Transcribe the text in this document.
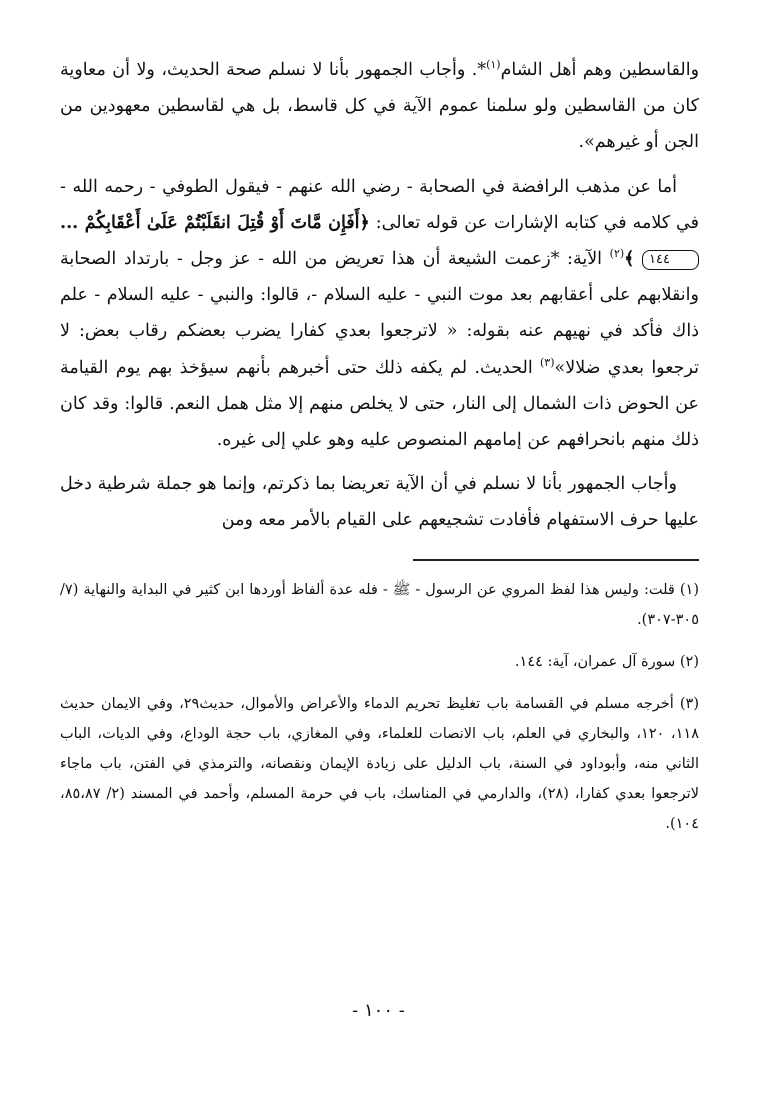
والقاسطين وهم أهل الشام$^{(١)}$*. وأجاب الجمهور بأنا لا نسلم صحة الحديث، ولا أن معاوية كان من القاسطين ولو سلمنا عموم الآية في كل قاسط، بل هي لقاسطين معهودين من الجن أو غيرهم».

أما عن مذهب الرافضة في الصحابة - رضي الله عنهم - فيقول الطوفي - رحمه الله - في كلامه في كتابه الإشارات عن قوله تعالى: ﴿أَفَإِن مَّاتَ أَوْ قُتِلَ انقَلَبْتُمْ عَلَىٰ أَعْقَابِكُمْ ... ١٤٤ ﴾$^{(٢)}$ الآية: *زعمت الشيعة أن هذا تعريض من الله - عز وجل - بارتداد الصحابة وانقلابهم على أعقابهم بعد موت النبي - عليه السلام -، قالوا: والنبي - عليه السلام - علم ذاك فأكد في نهيهم عنه بقوله: « لاترجعوا بعدي كفارا يضرب بعضكم رقاب بعض: لا ترجعوا بعدي ضلالا»$^{(٣)}$ الحديث. لم يكفه ذلك حتى أخبرهم بأنهم سيؤخذ بهم يوم القيامة عن الحوض ذات الشمال إلى النار، حتى لا يخلص منهم إلا مثل همل النعم. قالوا: وقد كان ذلك منهم بانحرافهم عن إمامهم المنصوص عليه وهو علي إلى غيره.

وأجاب الجمهور بأنا لا نسلم في أن الآية تعريضا بما ذكرتم، وإنما هو جملة شرطية دخل عليها حرف الاستفهام فأفادت تشجيعهم على القيام بالأمر معه ومن

(١) قلت: وليس هذا لفظ المروي عن الرسول - ﷺ - فله عدة ألفاظ أوردها ابن كثير في البداية والنهاية (٧/ ٣٠٥-٣٠٧).

(٢) سورة آل عمران، آية: ١٤٤.

(٣) أخرجه مسلم في القسامة باب تغليظ تحريم الدماء والأعراض والأموال، حديث٢٩، وفي الايمان حديث ١١٨، ١٢٠، والبخاري في العلم، باب الانصات للعلماء، وفي المغازي، باب حجة الوداع، وفي الديات، الباب الثاني منه، وأبوداود في السنة، باب الدليل على زيادة الإيمان ونقصانه، والترمذي في الفتن، باب ماجاء لاترجعوا بعدي كفارا، (٢٨)، والدارمي في المناسك، باب في حرمة المسلم، وأحمد في المسند (٢/ ٨٥،٨٧، ١٠٤).

- ١٠٠ -
